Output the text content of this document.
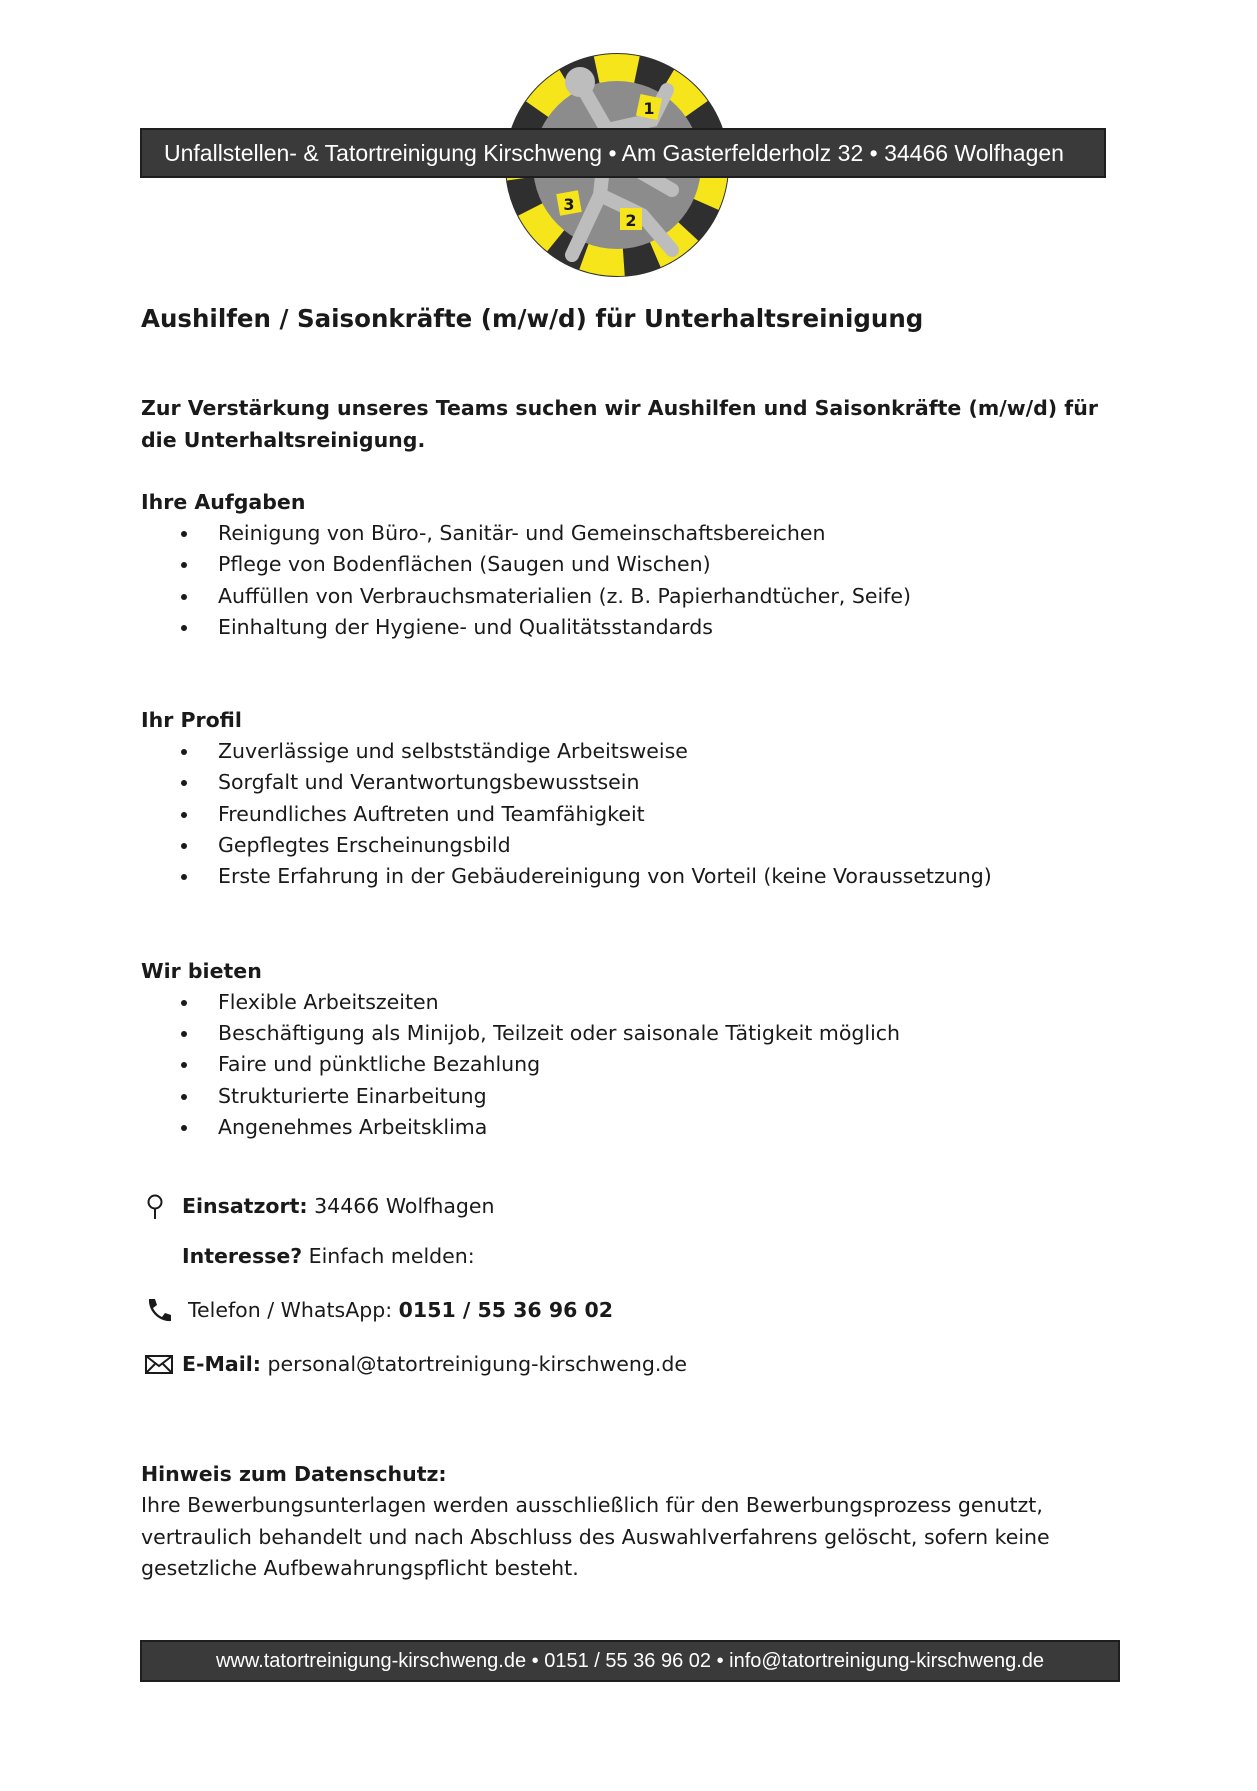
1
3
2
Unfallstellen- & Tatortreinigung Kirschweng • Am Gasterfelderholz 32 • 34466 Wolfhagen
Aushilfen / Saisonkräfte (m/w/d) für Unterhaltsreinigung

Zur Verstärkung unseres Teams suchen wir Aushilfen und Saisonkräfte (m/w/d) für die Unterhaltsreinigung.

Ihre Aufgaben

Reinigung von Büro-, Sanitär- und Gemeinschaftsbereichen
Pflege von Bodenflächen (Saugen und Wischen)
Auffüllen von Verbrauchsmaterialien (z. B. Papierhandtücher, Seife)
Einhaltung der Hygiene- und Qualitätsstandards

Ihr Profil

Zuverlässige und selbstständige Arbeitsweise
Sorgfalt und Verantwortungsbewusstsein
Freundliches Auftreten und Teamfähigkeit
Gepflegtes Erscheinungsbild
Erste Erfahrung in der Gebäudereinigung von Vorteil (keine Voraussetzung)

Wir bieten

Flexible Arbeitszeiten
Beschäftigung als Minijob, Teilzeit oder saisonale Tätigkeit möglich
Faire und pünktliche Bezahlung
Strukturierte Einarbeitung
Angenehmes Arbeitsklima
Einsatzort: 34466 Wolfhagen
Interesse? Einfach melden:
Telefon / WhatsApp: 0151 / 55 36 96 02
E-Mail: personal@tatortreinigung-kirschweng.de
Hinweis zum Datenschutz:
Ihre Bewerbungsunterlagen werden ausschließlich für den Bewerbungsprozess genutzt, vertraulich behandelt und nach Abschluss des Auswahlverfahrens gelöscht, sofern keine gesetzliche Aufbewahrungspflicht besteht.
www.tatortreinigung-kirschweng.de • 0151 / 55 36 96 02 • info@tatortreinigung-kirschweng.de
